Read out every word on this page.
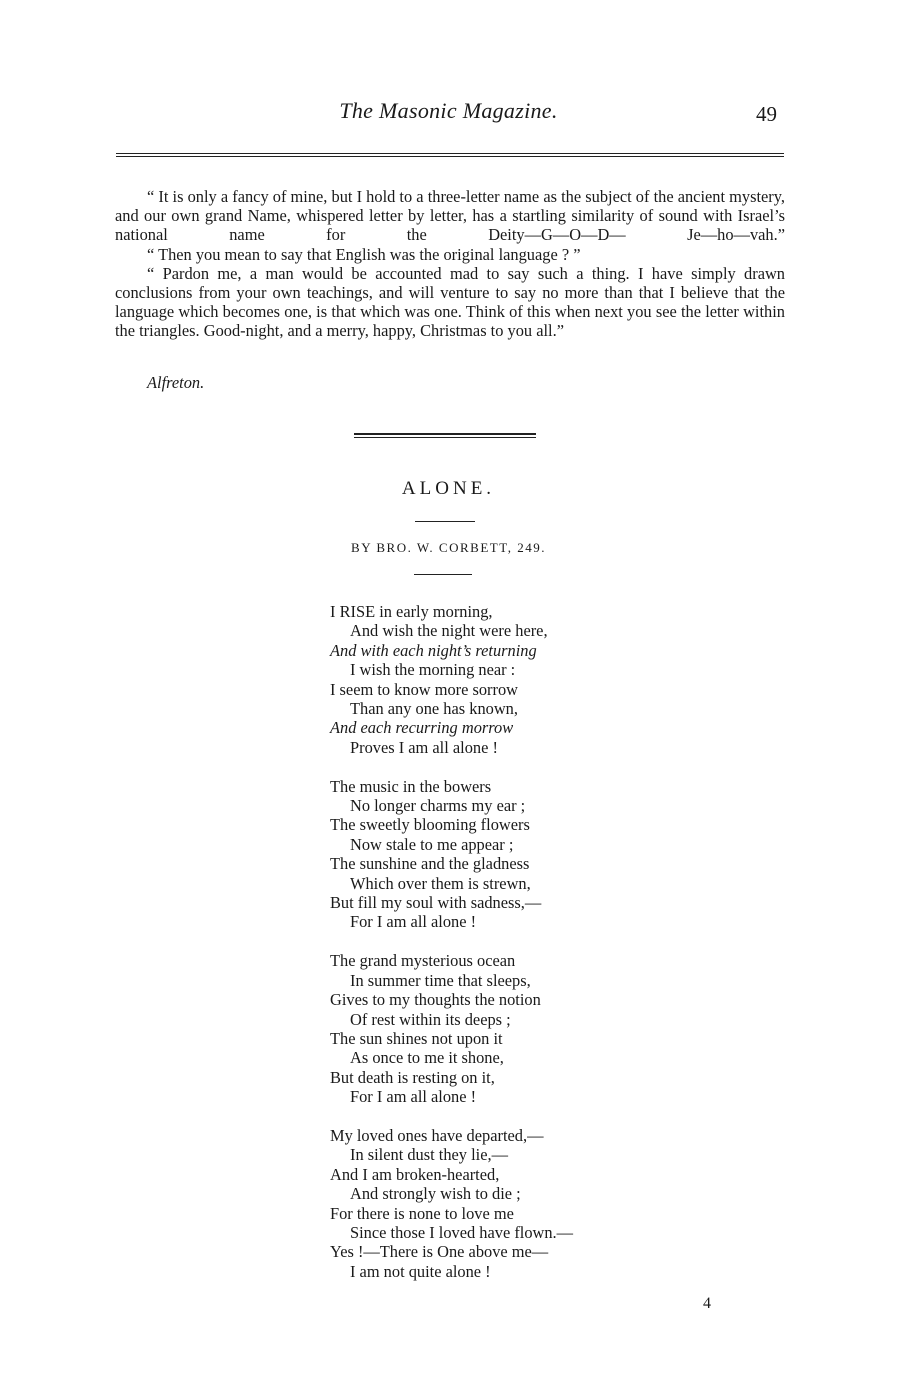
The Masonic Magazine.	49

“ It is only a fancy of mine, but I hold to a three-letter name as the subject of the ancient mystery, and our own grand Name, whispered letter by letter, has a startling similarity of sound with Israel’s national name for the Deity—G—O—D— Je—ho—vah.”

“ Then you mean to say that English was the original language ? ”

“ Pardon me, a man would be accounted mad to say such a thing. I have simply drawn conclusions from your own teachings, and will venture to say no more than that I believe that the language which becomes one, is that which was one. Think of this when next you see the letter within the triangles. Good-night, and a merry, happy, Christmas to you all.”

Alfreton.
ALONE.
BY BRO. W. CORBETT, 249.
I RISE in early morning,
And wish the night were here,
And with each night’s returning
I wish the morning near :
I seem to know more sorrow
Than any one has known,
And each recurring morrow
Proves I am all alone !
The music in the bowers
No longer charms my ear ;
The sweetly blooming flowers
Now stale to me appear ;
The sunshine and the gladness
Which over them is strewn,
But fill my soul with sadness,—
For I am all alone !
The grand mysterious ocean
In summer time that sleeps,
Gives to my thoughts the notion
Of rest within its deeps ;
The sun shines not upon it
As once to me it shone,
But death is resting on it,
For I am all alone !
My loved ones have departed,—
In silent dust they lie,—
And I am broken-hearted,
And strongly wish to die ;
For there is none to love me
Since those I loved have flown.—
Yes !—There is One above me—
I am not quite alone !
4
